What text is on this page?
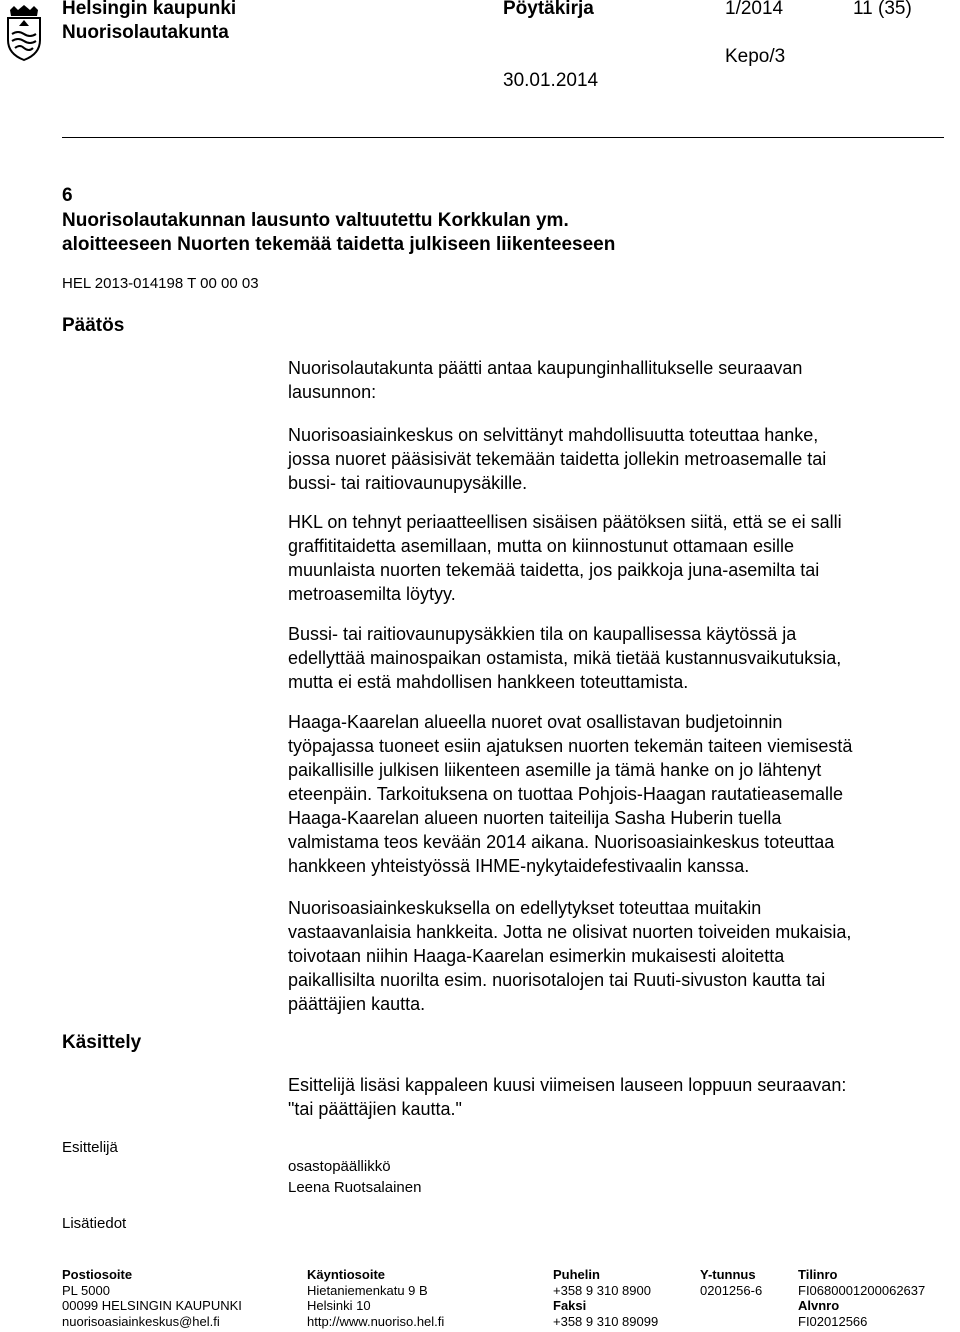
Helsingin kaupunki
Nuorisolautakunta
Pöytäkirja	1/2014	11 (35)
Kepo/3
30.01.2014
6
Nuorisolautakunnan lausunto valtuutettu Korkkulan ym.
aloitteeseen Nuorten tekemää taidetta julkiseen liikenteeseen
HEL 2013-014198 T 00 00 03
Päätös
Nuorisolautakunta päätti antaa kaupunginhallitukselle seuraavan
lausunnon:
Nuorisoasiainkeskus on selvittänyt mahdollisuutta toteuttaa hanke,
jossa nuoret pääsisivät tekemään taidetta jollekin metroasemalle tai
bussi- tai raitiovaunupysäkille.
HKL on tehnyt periaatteellisen sisäisen päätöksen siitä, että se ei salli
graffititaidetta asemillaan, mutta on kiinnostunut ottamaan esille
muunlaista nuorten tekemää taidetta, jos paikkoja juna-asemilta tai
metroasemilta löytyy.
Bussi- tai raitiovaunupysäkkien tila on kaupallisessa käytössä ja
edellyttää mainospaikan ostamista, mikä tietää kustannusvaikutuksia,
mutta ei estä mahdollisen hankkeen toteuttamista.
Haaga-Kaarelan alueella nuoret ovat osallistavan budjetoinnin
työpajassa tuoneet esiin ajatuksen nuorten tekemän taiteen viemisestä
paikallisille julkisen liikenteen asemille ja tämä hanke on jo lähtenyt
eteenpäin. Tarkoituksena on tuottaa Pohjois-Haagan rautatieasemalle
Haaga-Kaarelan alueen nuorten taiteilija Sasha Huberin tuella
valmistama teos kevään 2014 aikana. Nuorisoasiainkeskus toteuttaa
hankkeen yhteistyössä IHME-nykytaidefestivaalin kanssa.
Nuorisoasiainkeskuksella on edellytykset toteuttaa muitakin
vastaavanlaisia hankkeita. Jotta ne olisivat nuorten toiveiden mukaisia,
toivotaan niihin Haaga-Kaarelan esimerkin mukaisesti aloitetta
paikallisilta nuorilta esim. nuorisotalojen tai Ruuti-sivuston kautta tai
päättäjien kautta.
Käsittely
Esittelijä lisäsi kappaleen kuusi viimeisen lauseen loppuun seuraavan:
"tai päättäjien kautta."
Esittelijä
osastopäällikkö
Leena Ruotsalainen
Lisätiedot
Postiosoite
PL 5000
00099 HELSINGIN KAUPUNKI
nuorisoasiainkeskus@hel.fi
Käyntiosoite
Hietaniemenkatu 9 B
Helsinki 10
http://www.nuoriso.hel.fi
Puhelin
+358 9 310 8900
Faksi
+358 9 310 89099
Y-tunnus
0201256-6
Tilinro
FI0680001200062637
Alvnro
FI02012566
